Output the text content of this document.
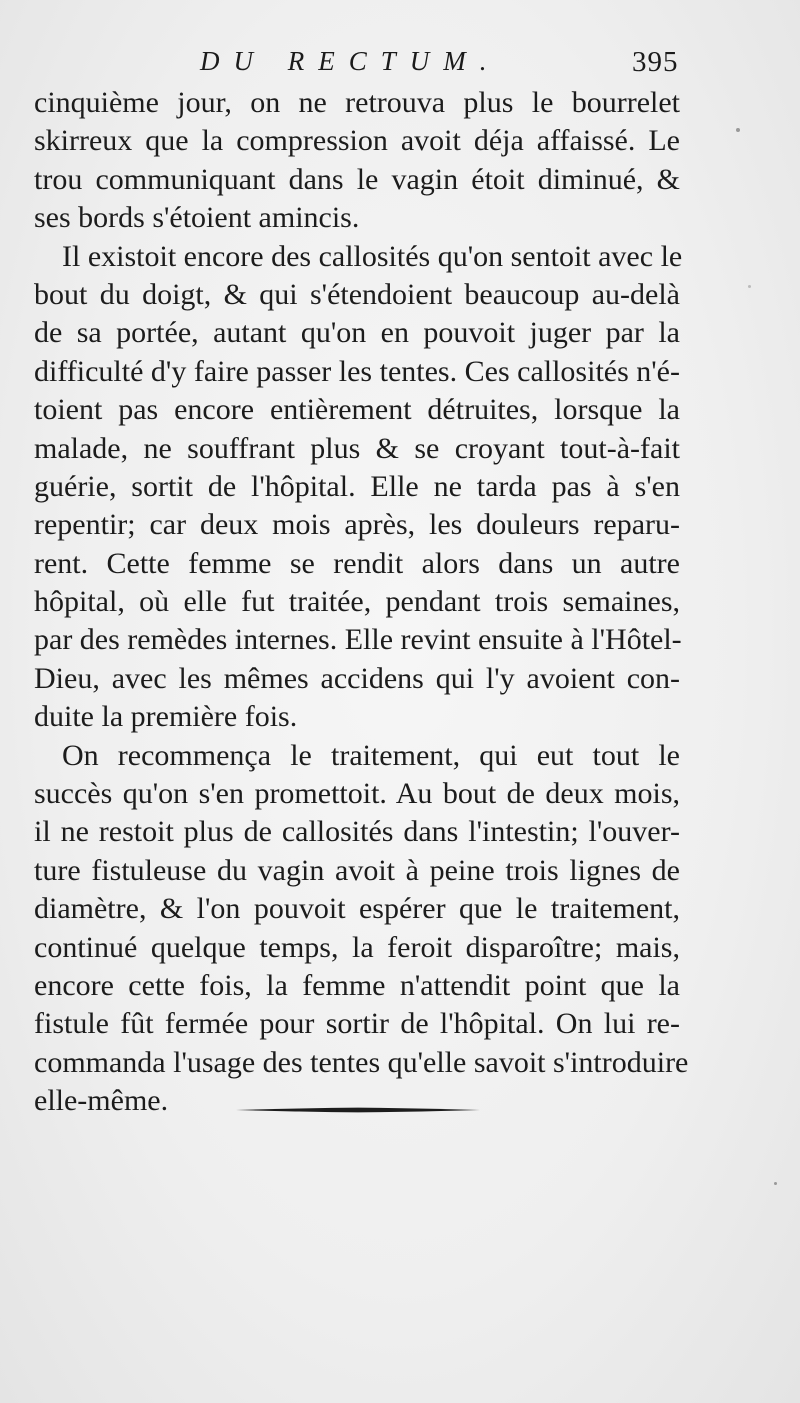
DU RECTUM.	395
cinquième jour, on ne retrouva plus le bourrelet
skirreux que la compression avoit déja affaissé. Le
trou communiquant dans le vagin étoit diminué, &
ses bords s'étoient amincis.
Il existoit encore des callosités qu'on sentoit avec le
bout du doigt, & qui s'étendoient beaucoup au-delà
de sa portée, autant qu'on en pouvoit juger par la
difficulté d'y faire passer les tentes. Ces callosités n'é-
toient pas encore entièrement détruites, lorsque la
malade, ne souffrant plus & se croyant tout-à-fait
guérie, sortit de l'hôpital. Elle ne tarda pas à s'en
repentir; car deux mois après, les douleurs reparu-
rent. Cette femme se rendit alors dans un autre
hôpital, où elle fut traitée, pendant trois semaines,
par des remèdes internes. Elle revint ensuite à l'Hôtel-
Dieu, avec les mêmes accidens qui l'y avoient con-
duite la première fois.
On recommença le traitement, qui eut tout le
succès qu'on s'en promettoit. Au bout de deux mois,
il ne restoit plus de callosités dans l'intestin; l'ouver-
ture fistuleuse du vagin avoit à peine trois lignes de
diamètre, & l'on pouvoit espérer que le traitement,
continué quelque temps, la feroit disparoître; mais,
encore cette fois, la femme n'attendit point que la
fistule fût fermée pour sortir de l'hôpital. On lui re-
commanda l'usage des tentes qu'elle savoit s'introduire
elle-même.
